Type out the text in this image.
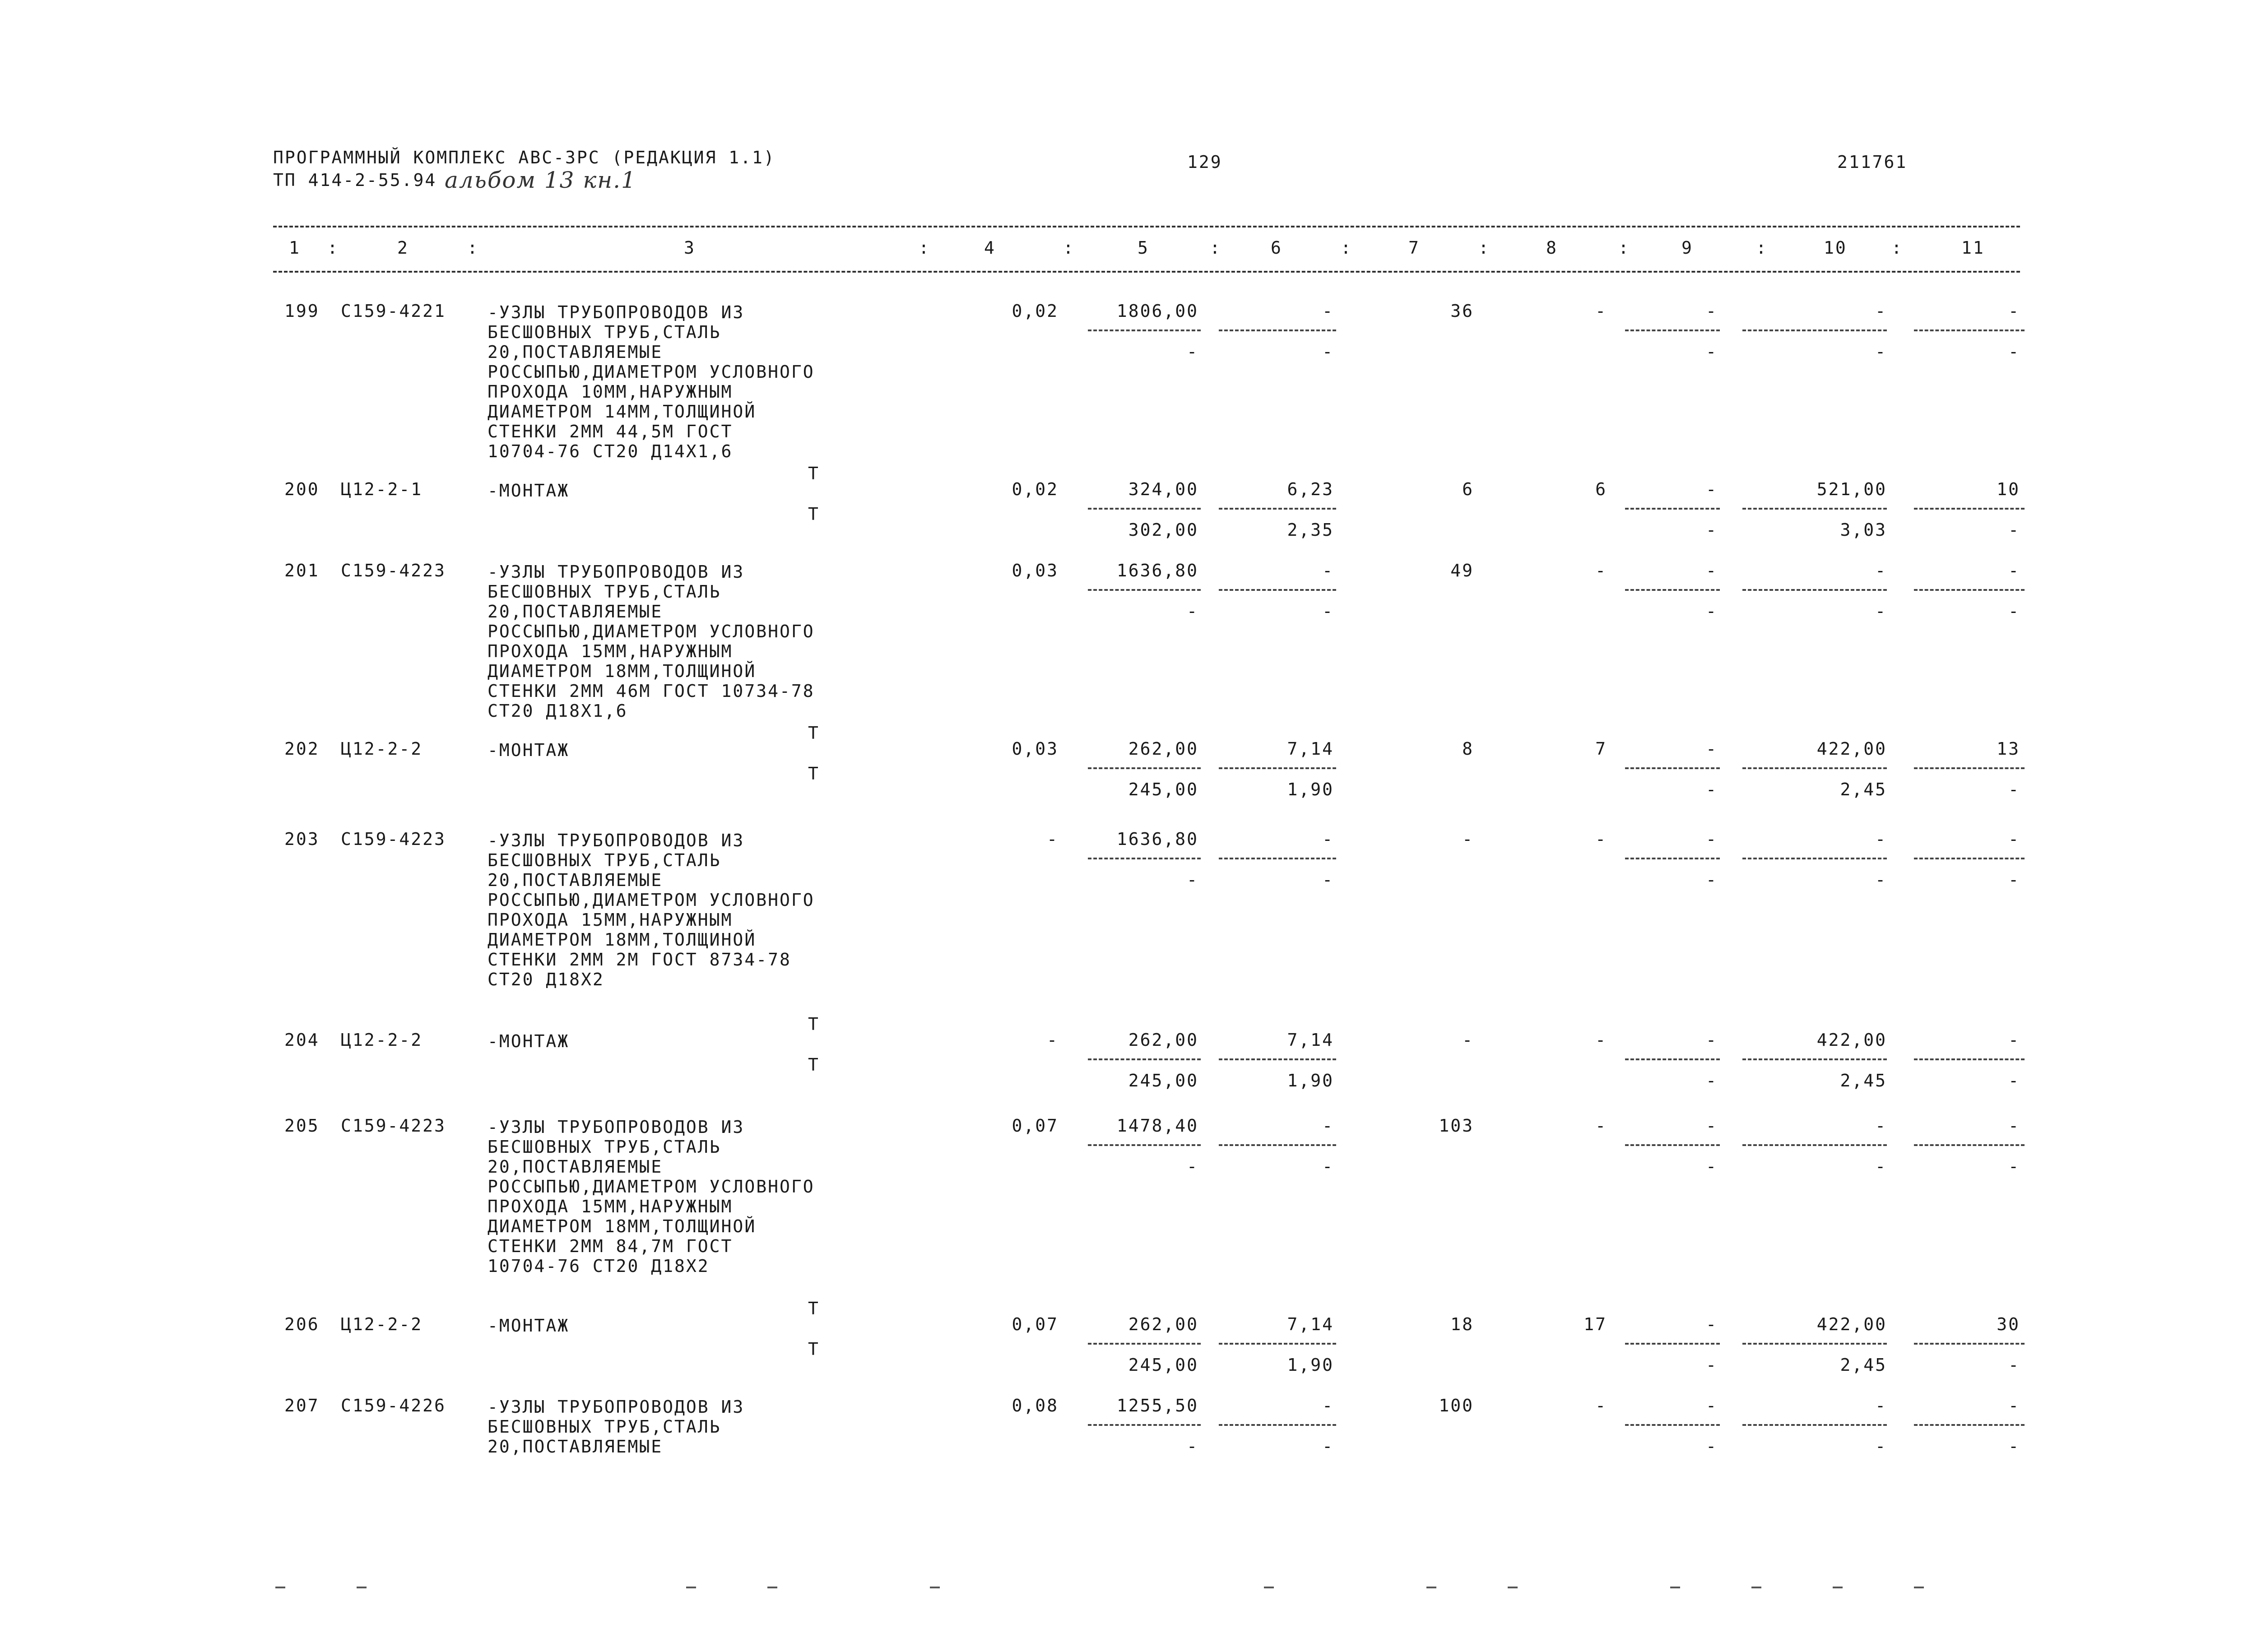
ПРОГРАММНЫЙ КОМПЛЕКС АВС-3РС (РЕДАКЦИЯ 1.1)
ТП 414-2-55.94 альбом 13 кн.1
129	211761
1 :	2	:	3	:	4	:	5	:	6	:	7	:	8	:	9	:	10	:	11
199 С159-4221 -УЗЛЫ ТРУБОПРОВОДОВ ИЗ
БЕСШОВНЫХ ТРУБ,СТАЛЬ
20,ПОСТАВЛЯЕМЫЕ
РОССЫПЬЮ,ДИАМЕТРОМ УСЛОВНОГО
ПРОХОДА 10ММ,НАРУЖНЫМ
ДИАМЕТРОМ 14ММ,ТОЛЩИНОЙ
СТЕНКИ 2ММ 44,5М ГОСТ
10704-76 СТ20 Д14Х1,6
0,02	1806,00	-	36	-	-	-	-
-	-	-	-	-
200 Ц12-2-1	-МОНТАЖ	0,02	324,00	6,23	6	6	-	521,00	10
302,00	2,35	-	3,03	-
Т
Т
201 С159-4223 -УЗЛЫ ТРУБОПРОВОДОВ ИЗ
БЕСШОВНЫХ ТРУБ,СТАЛЬ
20,ПОСТАВЛЯЕМЫЕ
РОССЫПЬЮ,ДИАМЕТРОМ УСЛОВНОГО
ПРОХОДА 15ММ,НАРУЖНЫМ
ДИАМЕТРОМ 18ММ,ТОЛЩИНОЙ
СТЕНКИ 2ММ 46М ГОСТ 10734-78
СТ20 Д18Х1,6
0,03	1636,80	-	49	-	-	-	-
-	-	-	-	-
202 Ц12-2-2	-МОНТАЖ	0,03	262,00	7,14	8	7	-	422,00	13
245,00	1,90	-	2,45	-
Т
Т
203 С159-4223 -УЗЛЫ ТРУБОПРОВОДОВ ИЗ
БЕСШОВНЫХ ТРУБ,СТАЛЬ
20,ПОСТАВЛЯЕМЫЕ
РОССЫПЬЮ,ДИАМЕТРОМ УСЛОВНОГО
ПРОХОДА 15ММ,НАРУЖНЫМ
ДИАМЕТРОМ 18ММ,ТОЛЩИНОЙ
СТЕНКИ 2ММ 2М ГОСТ 8734-78
СТ20 Д18Х2
-	1636,80	-	-	-	-	-	-
-	-	-	-	-
204 Ц12-2-2	-МОНТАЖ	-	262,00	7,14	-	-	-	422,00	-
245,00	1,90	-	2,45	-
Т
Т
205 С159-4223 -УЗЛЫ ТРУБОПРОВОДОВ ИЗ
БЕСШОВНЫХ ТРУБ,СТАЛЬ
20,ПОСТАВЛЯЕМЫЕ
РОССЫПЬЮ,ДИАМЕТРОМ УСЛОВНОГО
ПРОХОДА 15ММ,НАРУЖНЫМ
ДИАМЕТРОМ 18ММ,ТОЛЩИНОЙ
СТЕНКИ 2ММ 84,7М ГОСТ
10704-76 СТ20 Д18Х2
0,07	1478,40	-	103	-	-	-	-
-	-	-	-	-
206 Ц12-2-2	-МОНТАЖ	0,07	262,00	7,14	18	17	-	422,00	30
245,00	1,90	-	2,45	-
Т
Т
207 С159-4226 -УЗЛЫ ТРУБОПРОВОДОВ ИЗ
БЕСШОВНЫХ ТРУБ,СТАЛЬ
20,ПОСТАВЛЯЕМЫЕ
0,08	1255,50	-	100	-	-	-	-
-	-	-	-	-
